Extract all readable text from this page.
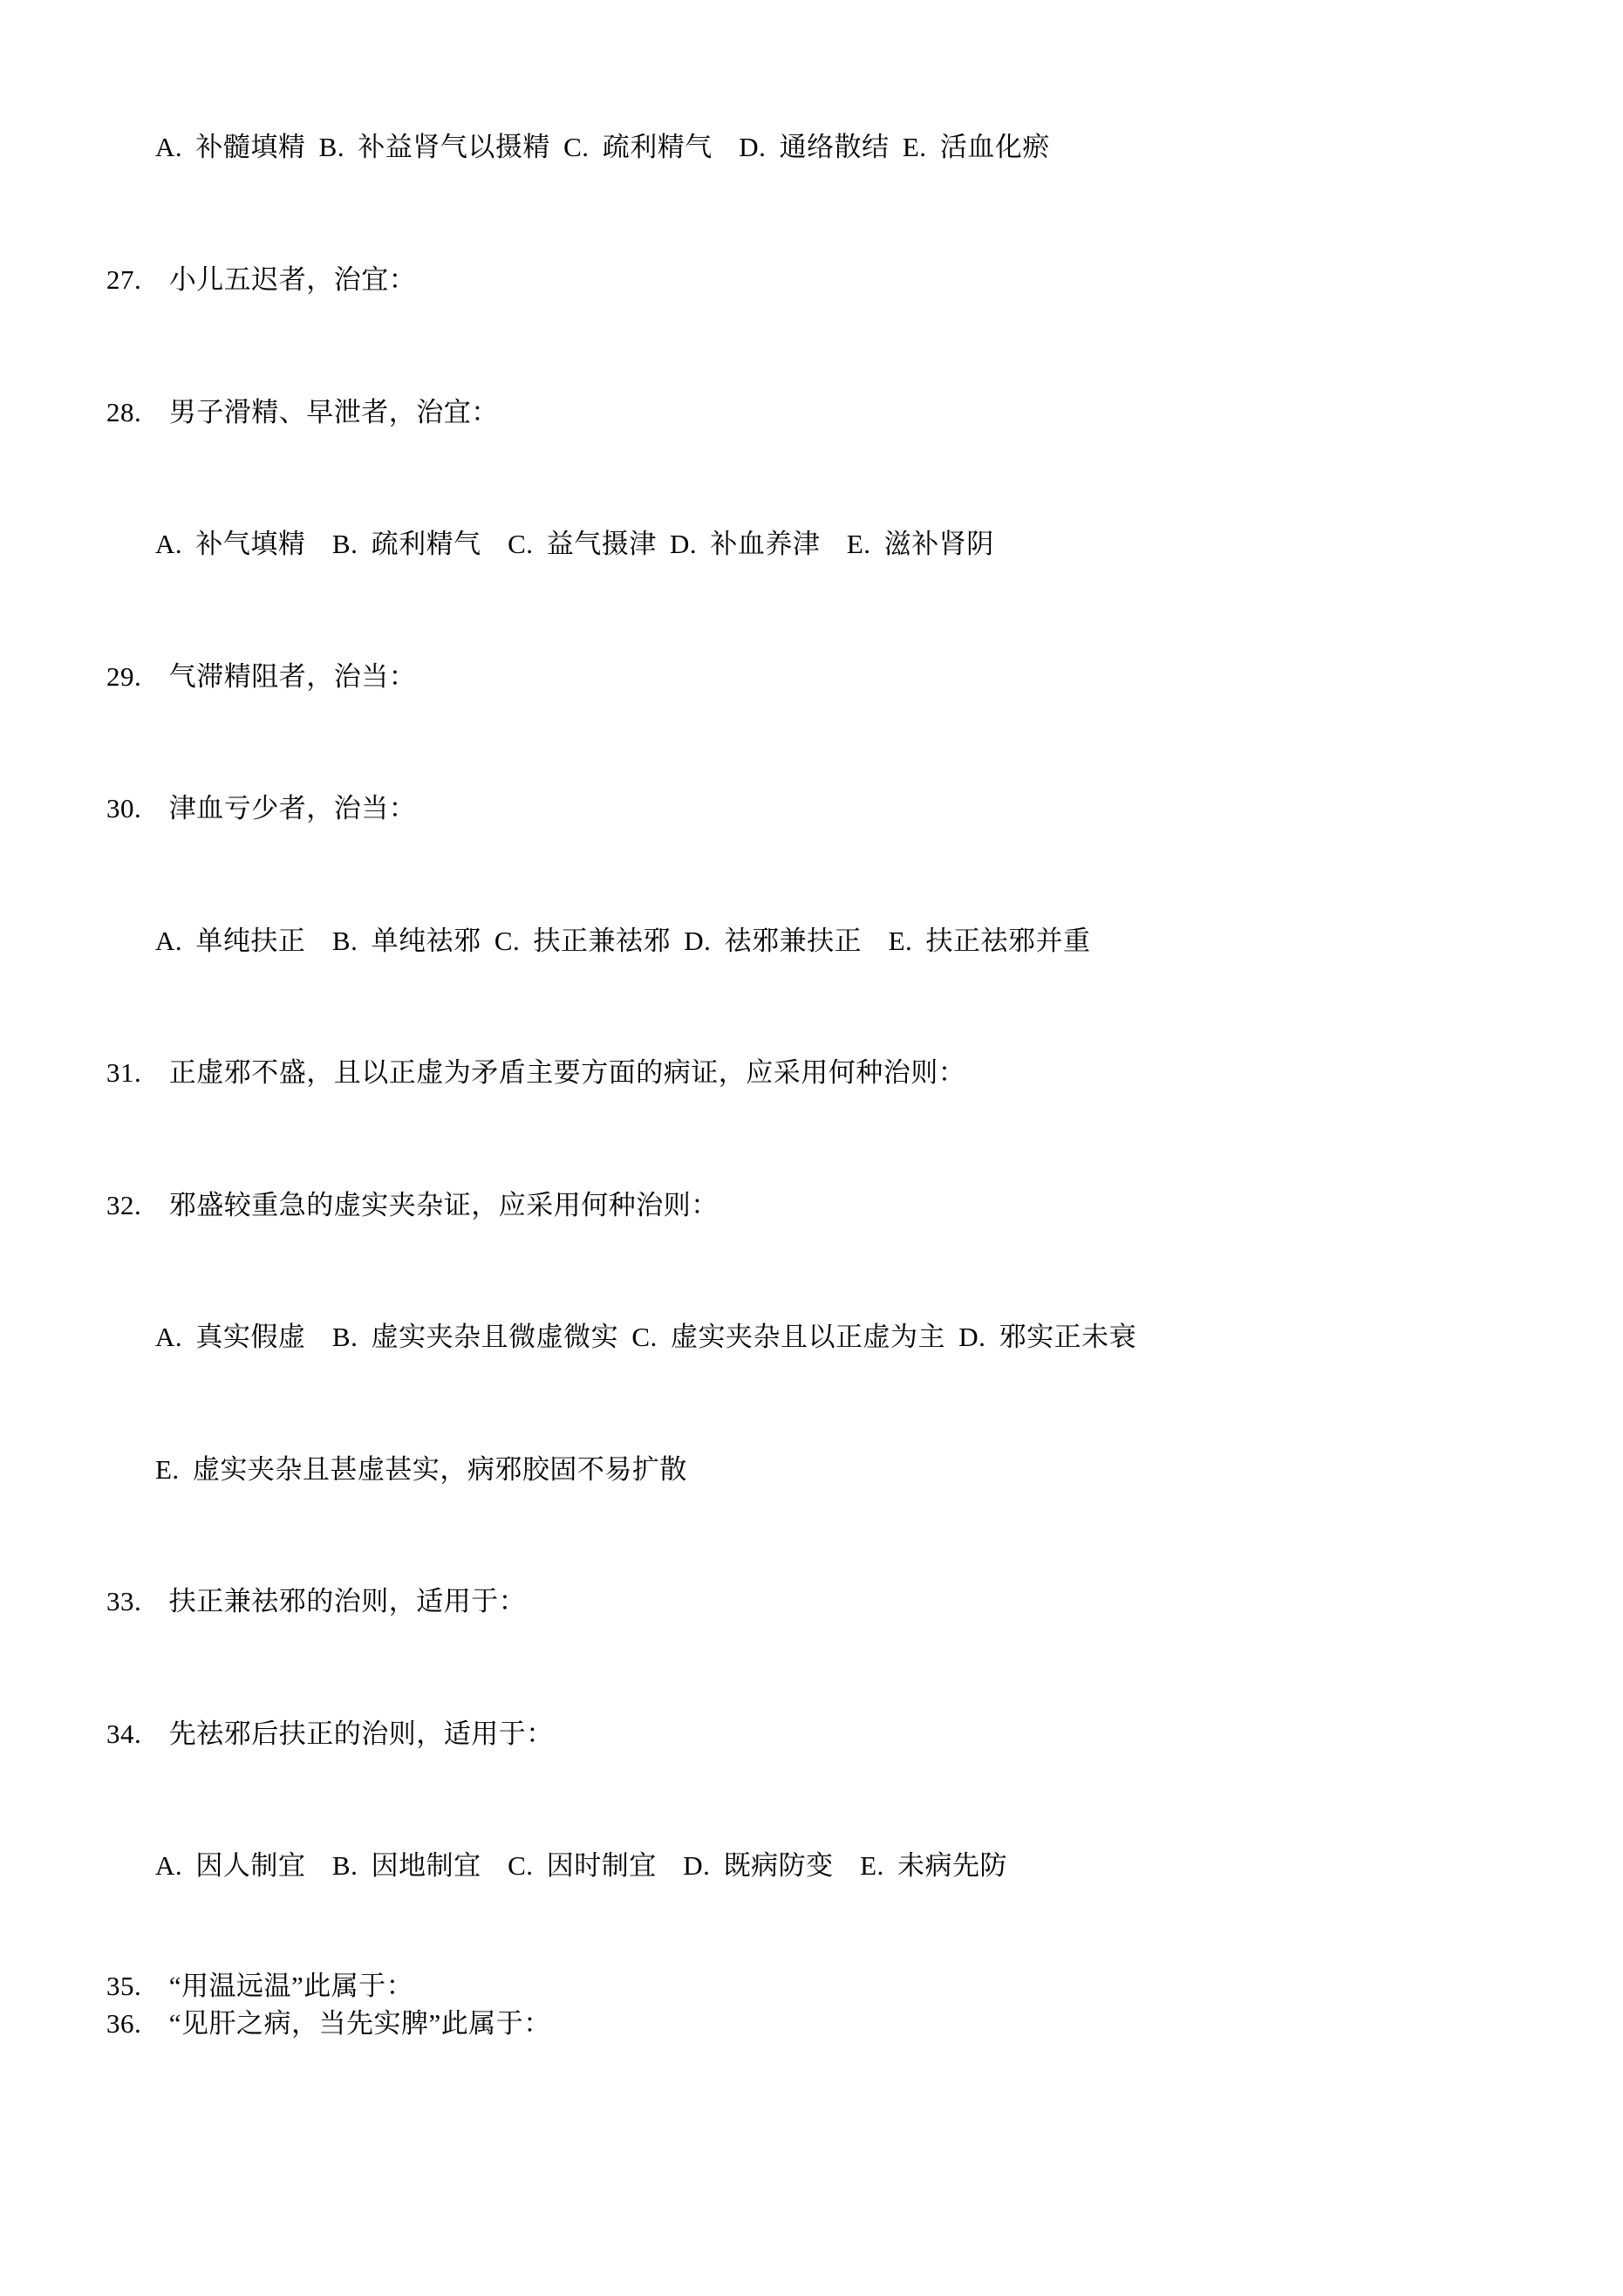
A. 补髓填精 B. 补益肾气以摄精 C. 疏利精气  D. 通络散结 E. 活血化瘀
27.　小儿五迟者，治宜：
28.　男子滑精、早泄者，治宜：
A. 补气填精  B. 疏利精气  C. 益气摄津 D. 补血养津  E. 滋补肾阴
29.　气滞精阻者，治当：
30.　津血亏少者，治当：
A. 单纯扶正  B. 单纯祛邪 C. 扶正兼祛邪 D. 祛邪兼扶正  E. 扶正祛邪并重
31.　正虚邪不盛，且以正虚为矛盾主要方面的病证，应采用何种治则：
32.　邪盛较重急的虚实夹杂证，应采用何种治则：
A. 真实假虚  B. 虚实夹杂且微虚微实 C. 虚实夹杂且以正虚为主 D. 邪实正未衰
E. 虚实夹杂且甚虚甚实，病邪胶固不易扩散
33.　扶正兼祛邪的治则，适用于：
34.　先祛邪后扶正的治则，适用于：
A. 因人制宜  B. 因地制宜  C. 因时制宜  D. 既病防变  E. 未病先防
35.　“用温远温”此属于：
36.　“见肝之病，当先实脾”此属于：
